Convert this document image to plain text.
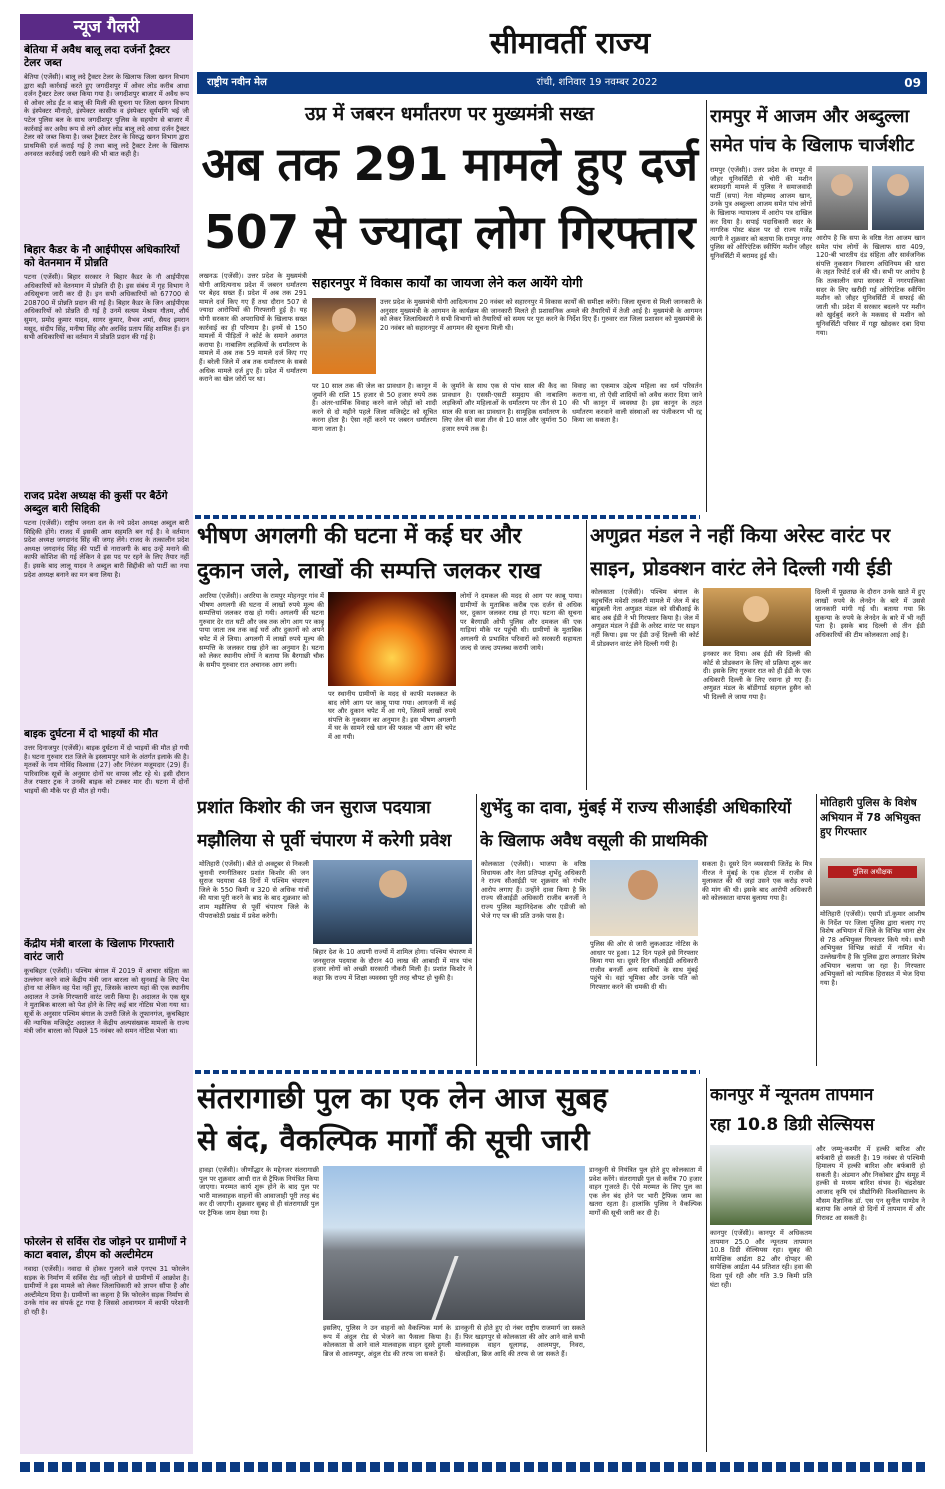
न्यूज गैलरी
बेतिया में अवैध बालू लदा दर्जनों ट्रैक्टर टेलर जब्त

बेतिया (एजेंसी)। बालू लदे ट्रैक्टर टेलर के खिलाफ जिला खनन विभाग द्वारा बड़ी कार्रवाई करते हुए जगदीशपुर में ओवर लोड करीब आधा दर्जन ट्रैक्टर टेलर जब्त किया गया है। जगदीशपुर बाजार में अवैध रूप से ओवर लोड ईंट व बालू की मिली की सूचना पर जिला खनन विभाग के इंस्पेक्टर मौनाहो, इंस्पेक्टर कासीफ व इंस्पेक्टर सूर्यमणि भई जी पटेल पुलिस बल के साथ जगदीशपुर पुलिस के सहयोग से बाजार में कार्रवाई कर अवैध रूप से लगे ओवर लोड बालू लदे आधा दर्जन ट्रैक्टर टेलर को जब्त किया है। जब्त ट्रैक्टर टेलर के विरुद्ध खनन विभाग द्वारा प्राथमिकी दर्ज कराई गई है तथा बालू लदे ट्रैक्टर टेलर के खिलाफ अनवरत कार्रवाई जारी रखने की भी बात कही है।

बिहार कैडर के नौ आईपीएस अधिकारियों को वेतनमान में प्रोन्नति

पटना (एजेंसी)। बिहार सरकार ने बिहार कैडर के नौ आईपीएस अधिकारियों को वेतनमान में प्रोन्नति दी है। इस संबंध में गृह विभाग ने अधिसूचना जारी कर दी है। इन सभी अधिकारियों को 67700 से 208700 में प्रोन्नति प्रदान की गई है। बिहार कैडर के जिन आईपीएस अधिकारियों को प्रोन्नति दी गई है उनमें सत्यम मेश्राम गौतम, शौर्य सुमन, प्रमोद कुमार यादव, सागर कुमार, वैभव शर्मा, सैयद इमरान मसूद, संदीप सिंह, मनीषा सिंह और अरविंद प्रताप सिंह शामिल हैं। इन सभी अधिकारियों का वर्तमान में प्रोन्नति प्रदान की गई है।

राजद प्रदेश अध्यक्ष की कुर्सी पर बैठेंगे अब्दुल बारी सिद्दिकी

पटना (एजेंसी)। राष्ट्रीय जनता दल के नये प्रदेश अध्यक्ष अब्दुल बारी सिद्दिकी होंगे। राजद में इसकी आम सहमति बन गई है। वे वर्तमान प्रदेश अध्यक्ष जगदानंद सिंह की जगह लेंगे। राजद के तत्कालीन प्रदेश अध्यक्ष जगदानंद सिंह की पार्टी से नाराजगी के बाद उन्हें मनाने की काफी कोशिश की गई लेकिन वे इस पद पर रहने के लिए तैयार नहीं हैं। इसके बाद लालू यादव ने अब्दुल बारी सिद्दीकी को पार्टी का नया प्रदेश अध्यक्ष बनाने का मन बना लिया है।

बाइक दुर्घटना में दो भाइयों की मौत

उत्तर दिनाजपुर (एजेंसी)। बाइक दुर्घटना में दो भाइयों की मौत हो गयी है। घटना गुरुवार रात जिले के इस्लामपुर थाने के अंतर्गत इलाके की है। मृतकों के नाम गोविंद विश्वास (27) और निरंजन मजूमदार (29) हैं। पारिवारिक सूत्रों के अनुसार दोनों घर वापस लौट रहे थे। इसी दौरान तेज रफ्तार ट्रक ने उनकी बाइक को टक्कर मार दी। घटना में दोनों भाइयों की मौके पर ही मौत हो गयी।

केंद्रीय मंत्री बारला के खिलाफ गिरफ्तारी वारंट जारी

कूचबिहार (एजेंसी)। पश्चिम बंगाल में 2019 में आचार संहिता का उल्लंघन करने वाले केंद्रीय मंत्री जान बारला को सुनवाई के लिए पेश होना था लेकिन वह पेश नहीं हुए, जिसके कारण यहां की एक स्थानीय अदालत ने उनके गिरफ्तारी वारंट जारी किया है। अदालत के एक सूत्र ने मुताबिक बारला को पेश होने के लिए कई बार नोटिस भेजा गया था। सूत्रों के अनुसार पश्चिम बंगाल के उत्तरी जिले के तूफानगंज, कूचबिहार की न्यायिक मजिस्ट्रेट अदालत ने केंद्रीय अल्पसंख्यक मामलों के राज्य मंत्री जॉन बारला को पिछले 15 नवंबर को समन नोटिस भेजा था।

फोरलेन से सर्विस रोड जोड़ने पर ग्रामीणों ने काटा बवाल, डीएम को अल्टीमेटम

नवादा (एजेंसी)। नवादा से होकर गुजरने वाले एनएच 31 फोरलेन सड़क के निर्माण में सर्विस रोड नहीं जोड़ने से ग्रामीणों में आक्रोश है। ग्रामीणों ने इस मामले को लेकर जिलाधिकारी को ज्ञापन सौंपा है और अल्टीमेटम दिया है। ग्रामीणों का कहना है कि फोरलेन सड़क निर्माण से उनके गांव का संपर्क टूट गया है जिससे आवागमन में काफी परेशानी हो रही है।

सीमावर्ती राज्य
राष्ट्रीय नवीन मेल	रांची, शनिवार 19 नवम्बर 2022	09
उप्र में जबरन धर्मांतरण पर मुख्यमंत्री सख्त
अब तक 291 मामले हुए दर्ज
507 से ज्यादा लोग गिरफ्तार

लखनऊ (एजेंसी)। उत्तर प्रदेश के मुख्यमंत्री योगी आदित्यनाथ प्रदेश में जबरन धर्मांतरण पर बेहद सख्त हैं। प्रदेश में अब तक 291 मामले दर्ज किए गए हैं तथा दौरान 507 से ज्यादा आरोपियों की गिरफ्तारी हुई है। यह योगी सरकार की अपराधियों के खिलाफ सख्त कार्रवाई का ही परिणाम है। इनमें से 150 मामलों में पीड़ितों ने कोर्ट के समाने अवगत कराया है। नाबालिग लड़कियों के धर्मांतरण के मामले में अब तक 59 मामले दर्ज किए गए हैं। बरेली जिले में अब तक धर्मांतरण के सबसे अधिक मामले दर्ज हुए हैं। प्रदेश में धर्मांतरण कराने का खेल जोरों पर था।

सहारनपुर में विकास कार्यों का जायजा लेने कल आयेंगे योगी

उत्तर प्रदेश के मुख्यमंत्री योगी आदित्यनाथ 20 नवंबर को सहारनपुर में विकास कार्यों की समीक्षा करेंगे। जिला सूचना से मिली जानकारी के अनुसार मुख्यमंत्री के आगमन के कार्यक्रम की जानकारी मिलते ही प्रशासनिक अमले की तैयारियों में तेजी आई है। मुख्यमंत्री के आगमन को लेकर जिलाधिकारी ने सभी विभागों को तैयारियों को समय पर पूरा करने के निर्देश दिए हैं। गुरुवार रात जिला प्रशासन को मुख्यमंत्री के 20 नवंबर को सहारनपुर में आगमन की सूचना मिली थी।

पर 10 साल तक की जेल का प्रावधान है। कानून में जुर्माने की राशि 15 हजार से 50 हजार रुपये तक है। अंतर-धार्मिक विवाह करने वाले जोड़ों को शादी करने से दो महीने पहले जिला मजिस्ट्रेट को सूचित करना होता है। ऐसा नहीं करने पर जबरन धर्मांतरण माना जाता है।

के जुर्माने के साथ एक से पांच साल की कैद का प्रावधान है। एससी-एसटी समुदाय की नाबालिग लड़कियों और महिलाओं के धर्मांतरण पर तीन से 10 साल की सजा का प्रावधान है। सामूहिक धर्मांतरण के लिए जेल की सजा तीन से 10 साल और जुर्माना 50 हजार रुपये तक है।

विवाह का एकमात्र उद्देश्य महिला का धर्म परिवर्तन कराना था, तो ऐसी शादियों को अवैध करार दिया जाने की भी कानून में व्यवस्था है। इस कानून के तहत धर्मांतरण करवाने वाली संस्थाओं का पंजीकरण भी रद्द किया जा सकता है।

रामपुर में आजम और अब्दुल्ला समेत पांच के खिलाफ चार्जशीट

रामपुर (एजेंसी)। उत्तर प्रदेश के रामपुर में जौहर यूनिवर्सिटी से चोरी की मशीन बरामदगी मामले में पुलिस ने समाजवादी पार्टी (सपा) नेता मोहम्मद आजम खान, उनके पुत्र अब्दुल्ला आजम समेत पांच लोगों के खिलाफ न्यायालय में आरोप पत्र दाखिल कर दिया है। सपाई पदाधिकारी सदर के नागरिक पोस्ट बंडल पर दो राज्य गजेंद्र त्यागी ने शुक्रवार को बताया कि रामपुर नगर पुलिस को ओरिएंटिक स्वीपिंग मशीन जौहर यूनिवर्सिटी में बरामद हुई थी।

आरोप है कि सपा के वरिष्ठ नेता आजम खान समेत पांच लोगों के खिलाफ धारा 409, 120-बी भारतीय दंड संहिता और सार्वजनिक संपत्ति नुकसान निवारण अधिनियम की धारा के तहत रिपोर्ट दर्ज की थी। सभी पर आरोप है कि तत्कालीन सपा सरकार में नगरपालिका सदर के लिए खरीदी गई ओरिएंटिक स्वीपिंग मशीन को जौहर यूनिवर्सिटी में सफाई की जाती थी। प्रदेश में सरकार बदलने पर मशीन को खुर्दबुर्द करने के मकसद से मशीन को यूनिवर्सिटी परिसर में गड्ढा खोदकर दबा दिया गया।

भीषण अगलगी की घटना में कई घर और
दुकान जले, लाखों की सम्पत्ति जलकर राख

अररिया (एजेंसी)। अररिया के रामपुर मोहनपुर गांव में भीषण अगलगी की घटना में लाखों रुपये मूल्य की सम्पत्तियां जलकर राख हो गयी। अगलगी की घटना गुरुवार देर रात घटी और जब तक लोग आग पर काबू पाया जाता तब तक कई घरों और दुकानों को अपने चपेट में ले लिया। अगलगी में लाखों रुपये मूल्य की सम्पत्ति के जलकर राख होने का अनुमान है। घटना को लेकर स्थानीय लोगों ने बताया कि बैरगाछी चौक के समीप गुरुवार रात अचानक आग लगी।

पर स्थानीय ग्रामीणों के मदद से काफी मशक्कत के बाद लोगे आग पर काबू पाया गया। आगजनी में कई घर और दुकान चपेट में आ गये, जिसमें लाखों रुपये संपत्ति के नुकसान का अनुमान है। इस भीषण अगलगी में घर के सामने रखे धान की फसल भी आग की चपेट में आ गयी।

लोगों ने दमकल की मदद से आग पर काबू पाया। ग्रामीणों के मुताबिक करीब एक दर्जन से अधिक घर, दुकान जलकर राख हो गए। घटना की सूचना पर बैरगाछी ओपी पुलिस और दमकल की एक गाड़ियां मौके पर पहुंची थी। ग्रामीणों के मुताबिक अगलगी से प्रभावित परिवारों को सरकारी सहायता जल्द से जल्द उपलब्ध करायी जाये।

अणुव्रत मंडल ने नहीं किया अरेस्ट वारंट पर
साइन, प्रोडक्शन वारंट लेने दिल्ली गयी ईडी

कोलकाता (एजेंसी)। पश्चिम बंगाल के बहुचर्चित मवेशी तस्करी मामले में जेल में बंद बाहुबली नेता अणुव्रत मंडल को सीबीआई के बाद अब ईडी ने भी गिरफ्तार किया है। जेल में अणुव्रत मंडल ने ईडी के अरेस्ट वारंट पर साइन नहीं किया। इस पर ईडी उन्हें दिल्ली की कोर्ट में प्रोडक्शन वारंट लेने दिल्ली गयी है।

इनकार कर दिया। अब ईडी की दिल्ली की कोर्ट से प्रोडक्शन के लिए वो प्रक्रिया शुरू कर दी। इसके लिए गुरुवार रात को ही ईडी के एक अधिकारी दिल्ली के लिए रवाना हो गए हैं। अणुव्रत मंडल के बॉडीगार्ड सहगल हुसैन को भी दिल्ली ले जाया गया है।

दिल्ली में पूछताछ के दौरान उनके खाते में हुए लाखों रुपये के लेनदेन के बारे में उससे जानकारी मांगी गई थी। बताया गया कि सुकन्या के रुपये के लेनदेन के बारे में भी नहीं पता है। इसके बाद दिल्ली से तीन ईडी अधिकारियों की टीम कोलकाता आई है।

प्रशांत किशोर की जन सुराज पदयात्रा
मझौलिया से पूर्वी चंपारण में करेगी प्रवेश

मोतिहारी (एजेंसी)। बीते दो अक्टूबर से निकली चुनावी रणनीतिकार प्रशांत किशोर की जन सुराज पदयात्रा 48 दिनों में पश्चिम चंपारण जिले के 550 किमी व 320 से अधिक गांवों की यात्रा पूरी करने के बाद के बाद शुक्रवार को शाम मझौलिया से पूर्वी चंपारण जिले के पीपराकोठी प्रखंड में प्रवेश करेगी।

बिहार देश के 10 अग्रणी राज्यों में शामिल होगा। पश्चिम चंपारण में जनसुराज पदयात्रा के दौरान 40 लाख की आबादी में मात्र पांच हजार लोगों को अच्छी सरकारी नौकरी मिली है। प्रशांत किशोर ने कहा कि राज्य में शिक्षा व्यवस्था पूरी तरह चौपट हो चुकी है।

शुभेंदु का दावा, मुंबई में राज्य सीआईडी अधिकारियों
के खिलाफ अवैध वसूली की प्राथमिकी

कोलकाता (एजेंसी)। भाजपा के वरिष्ठ विधायक और नेता प्रतिपक्ष शुभेंदु अधिकारी ने राज्य सीआईडी पर शुक्रवार को गंभीर आरोप लगाए हैं। उन्होंने दावा किया है कि राज्य सीआईडी अधिकारी राजीव बनर्जी ने राज्य पुलिस महानिदेशक और एडीजी को भेजे गए पत्र की प्रति उनके पास है।

पुलिस की ओर से जारी लुकआउट नोटिस के आधार पर हुआ। 12 दिन पहले इसे गिरफ्तार किया गया था। दूसरे दिन सीआईडी अधिकारी राजीव बनर्जी अन्य साथियों के साथ मुंबई पहुंचे थे। वहां भूमिका और उनके पति को गिरफ्तार करने की धमकी दी थी।

सकता है। दूसरे दिन व्यवसायी जितेंद्र के मित्र नीरज ने मुंबई के एक होटल में राजीव से मुलाकात की थी जहां उसने एक करोड़ रुपये की मांग की थी। इसके बाद आरोपी अधिकारी को कोलकाता वापस बुलाया गया है।

मोतिहारी पुलिस के विशेष अभियान में 78 अभियुक्त हुए गिरफ्तार
पुलिस अधीक्षक

मोतिहारी (एजेंसी)। एसपी डॉ.कुमार आशीष के निर्देश पर जिला पुलिस द्वारा चलाए गए विशेष अभियान में जिले के विभिन्न थाना क्षेत्र से 78 अभियुक्त गिरफ्तार किये गये। सभी अभियुक्त विभिन्न कांडों में नामित थे। उल्लेखनीय है कि पुलिस द्वारा लगातार विशेष अभियान चलाया जा रहा है। गिरफ्तार अभियुक्तों को न्यायिक हिरासत में भेज दिया गया है।

संतरागाछी पुल का एक लेन आज सुबह
से बंद, वैकल्पिक मार्गों की सूची जारी

हावड़ा (एजेंसी)। जीर्णोद्धार के मद्देनजर संतरागाछी पुल पर शुक्रवार आधी रात से ट्रैफिक नियंत्रित किया जाएगा। मरम्मत कार्य शुरू होने के बाद पुल पर भारी मालवाहक वाहनों की आवाजाही पूरी तरह बंद कर दी जाएगी। शुक्रवार सुबह से ही संतरागाछी पुल पर ट्रैफिक जाम देखा गया है।

इसलिए, पुलिस ने उन वाहनों को वैकल्पिक मार्ग के रूप में अंदुल रोड से भेजने का फैसला किया है। कोलकाता से आने वाले मालवाहक वाहन दूसरे हुगली ब्रिज से आलमपुर, अंदुल रोड की तरफ जा सकते हैं।

डानकुनी से होते हुए दो नंबर राष्ट्रीय राजमार्ग जा सकते हैं। फिर खड़गपुर से कोलकाता की ओर आने वाले सभी मालवाहक वाहन धूलागढ़, आलमपुर, निवरा, खेजड़ीआ, ब्रिज आदि की तरफ से जा सकते हैं।

डानकुनी से नियंत्रित पुल होते हुए कोलकाता में प्रवेश करेंगे। संतरागाछी पुल से करीब 70 हजार वाहन गुजरते हैं। ऐसे मरम्मत के लिए पुल का एक लेन बंद होने पर भारी ट्रैफिक जाम का खतरा रहता है। हालांकि पुलिस ने वैकल्पिक मार्गों की सूची जारी कर दी है।

कानपुर में न्यूनतम तापमान
रहा 10.8 डिग्री सेल्सियस

कानपुर (एजेंसी)। कानपुर में अधिकतम तापमान 25.0 और न्यूनतम तापमान 10.8 डिग्री सेल्सियस रहा। सुबह की सापेक्षिक आर्द्रता 82 और दोपहर की सापेक्षिक आर्द्रता 44 प्रतिशत रही। हवा की दिशा पूर्व रही और गति 3.9 किमी प्रति घंटा रही।

और जम्मू-कश्मीर में हल्की बारिश और बर्फबारी हो सकती है। 19 नवंबर से पश्चिमी हिमालय में हल्की बारिश और बर्फबारी हो सकती है। अंडमान और निकोबार द्वीप समूह में हल्की से मध्यम बारिश संभव है। चंद्रशेखर आजाद कृषि एवं प्रौद्योगिकी विश्वविद्यालय के मौसम वैज्ञानिक डॉ. एस एन सुनील पाण्डेय ने बताया कि अगले दो दिनों में तापमान में और गिरावट आ सकती है।
